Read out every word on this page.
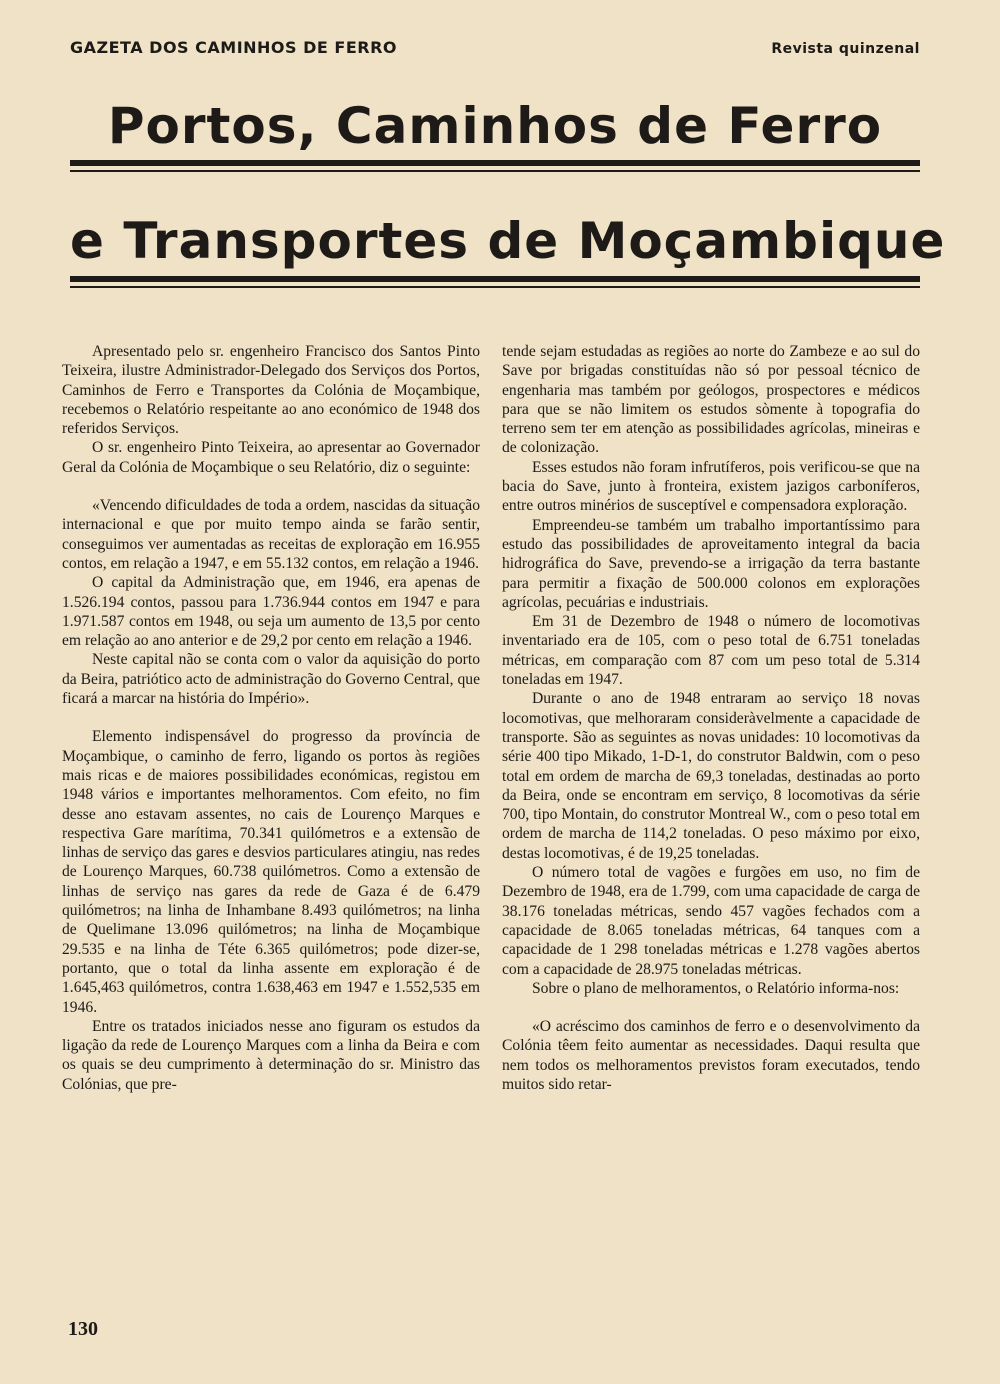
GAZETA DOS CAMINHOS DE FERRO	Revista quinzenal
Portos, Caminhos de Ferro
e Transportes de Moçambique

Apresentado pelo sr. engenheiro Francisco dos Santos Pinto Teixeira, ilustre Administrador-Delegado dos Serviços dos Portos, Caminhos de Ferro e Transportes da Colónia de Moçambique, recebemos o Relatório respeitante ao ano económico de 1948 dos referidos Serviços.

O sr. engenheiro Pinto Teixeira, ao apresentar ao Governador Geral da Colónia de Moçambique o seu Relatório, diz o seguinte:

«Vencendo dificuldades de toda a ordem, nascidas da situação internacional e que por muito tempo ainda se farão sentir, conseguimos ver aumentadas as receitas de exploração em 16.955 contos, em relação a 1947, e em 55.132 contos, em relação a 1946.

O capital da Administração que, em 1946, era apenas de 1.526.194 contos, passou para 1.736.944 contos em 1947 e para 1.971.587 contos em 1948, ou seja um aumento de 13,5 por cento em relação ao ano anterior e de 29,2 por cento em relação a 1946.

Neste capital não se conta com o valor da aquisição do porto da Beira, patriótico acto de administração do Governo Central, que ficará a marcar na história do Império».

Elemento indispensável do progresso da província de Moçambique, o caminho de ferro, ligando os portos às regiões mais ricas e de maiores possibilidades económicas, registou em 1948 vários e importantes melhoramentos. Com efeito, no fim desse ano estavam assentes, no cais de Lourenço Marques e respectiva Gare marítima, 70.341 quilómetros e a extensão de linhas de serviço das gares e desvios particulares atingiu, nas redes de Lourenço Marques, 60.738 quilómetros. Como a extensão de linhas de serviço nas gares da rede de Gaza é de 6.479 quilómetros; na linha de Inhambane 8.493 quilómetros; na linha de Quelimane 13.096 quilómetros; na linha de Moçambique 29.535 e na linha de Téte 6.365 quilómetros; pode dizer-se, portanto, que o total da linha assente em exploração é de 1.645,463 quilómetros, contra 1.638,463 em 1947 e 1.552,535 em 1946.

Entre os tratados iniciados nesse ano figuram os estudos da ligação da rede de Lourenço Marques com a linha da Beira e com os quais se deu cumprimento à determinação do sr. Ministro das Colónias, que pre-

tende sejam estudadas as regiões ao norte do Zambeze e ao sul do Save por brigadas constituídas não só por pessoal técnico de engenharia mas também por geólogos, prospectores e médicos para que se não limitem os estudos sòmente à topografia do terreno sem ter em atenção as possibilidades agrícolas, mineiras e de colonização.

Esses estudos não foram infrutíferos, pois verificou-se que na bacia do Save, junto à fronteira, existem jazigos carboníferos, entre outros minérios de susceptível e compensadora exploração.

Empreendeu-se também um trabalho importantíssimo para estudo das possibilidades de aproveitamento integral da bacia hidrográfica do Save, prevendo-se a irrigação da terra bastante para permitir a fixação de 500.000 colonos em explorações agrícolas, pecuárias e industriais.

Em 31 de Dezembro de 1948 o número de locomotivas inventariado era de 105, com o peso total de 6.751 toneladas métricas, em comparação com 87 com um peso total de 5.314 toneladas em 1947.

Durante o ano de 1948 entraram ao serviço 18 novas locomotivas, que melhoraram consideràvelmente a capacidade de transporte. São as seguintes as novas unidades: 10 locomotivas da série 400 tipo Mikado, 1-D-1, do construtor Baldwin, com o peso total em ordem de marcha de 69,3 toneladas, destinadas ao porto da Beira, onde se encontram em serviço, 8 locomotivas da série 700, tipo Montain, do construtor Montreal W., com o peso total em ordem de marcha de 114,2 toneladas. O peso máximo por eixo, destas locomotivas, é de 19,25 toneladas.

O número total de vagões e furgões em uso, no fim de Dezembro de 1948, era de 1.799, com uma capacidade de carga de 38.176 toneladas métricas, sendo 457 vagões fechados com a capacidade de 8.065 toneladas métricas, 64 tanques com a capacidade de 1 298 toneladas métricas e 1.278 vagões abertos com a capacidade de 28.975 toneladas métricas.

Sobre o plano de melhoramentos, o Relatório informa-nos:

«O acréscimo dos caminhos de ferro e o desenvolvimento da Colónia têem feito aumentar as necessidades. Daqui resulta que nem todos os melhoramentos previstos foram executados, tendo muitos sido retar-

130
